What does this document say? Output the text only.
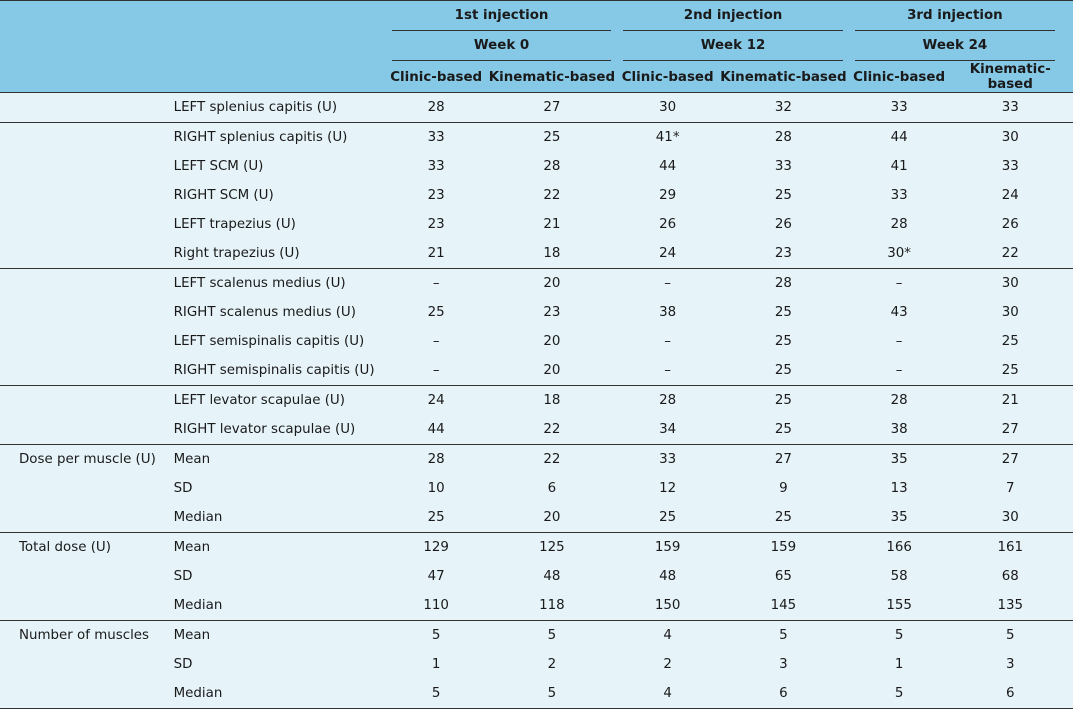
		1st injection		2nd injection		3rd injection	

		Week 0		Week 12		Week 24	

		Clinic-based	Kinematic-based	Clinic-based	Kinematic-based	Clinic-based	Kinematic-based
	LEFT splenius capitis (U)	28	27	30	32	33	33
	RIGHT splenius capitis (U)	33	25	41*	28	44	30
	LEFT SCM (U)	33	28	44	33	41	33
	RIGHT SCM (U)	23	22	29	25	33	24
	LEFT trapezius (U)	23	21	26	26	28	26
	Right trapezius (U)	21	18	24	23	30*	22
	LEFT scalenus medius (U)	–	20	–	28	–	30
	RIGHT scalenus medius (U)	25	23	38	25	43	30
	LEFT semispinalis capitis (U)	–	20	–	25	–	25
	RIGHT semispinalis capitis (U)	–	20	–	25	–	25
	LEFT levator scapulae (U)	24	18	28	25	28	21
	RIGHT levator scapulae (U)	44	22	34	25	38	27
Dose per muscle (U)	Mean	28	22	33	27	35	27
	SD	10	6	12	9	13	7
	Median	25	20	25	25	35	30
Total dose (U)	Mean	129	125	159	159	166	161
	SD	47	48	48	65	58	68
	Median	110	118	150	145	155	135
Number of muscles	Mean	5	5	4	5	5	5
	SD	1	2	2	3	1	3
	Median	5	5	4	6	5	6
